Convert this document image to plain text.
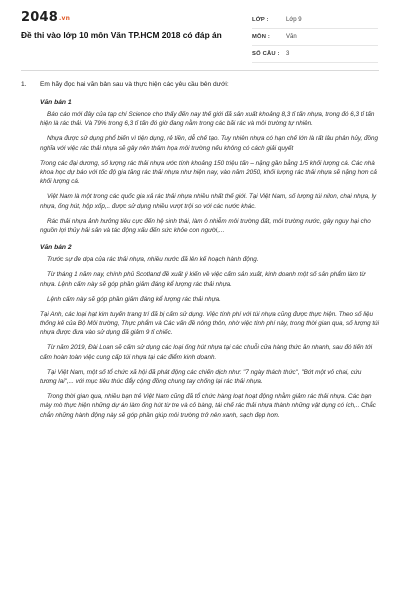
2048.vn
Đề thi vào lớp 10 môn Văn TP.HCM 2018 có đáp án
LỚP :	Lớp 9
MÔN :	Văn
SỐ CÂU :	3
1.	Em hãy đọc hai văn bản sau và thực hiện các yêu cầu bên dưới:
Văn bản 1

Báo cáo mới đây của tạp chí Science cho thấy đến nay thế giới đã sản xuất khoảng 8,3 tỉ tấn nhựa, trong đó 6,3 tỉ tấn hiện là rác thải. Và 79% trong 6,3 tỉ tấn đó giờ đang nằm trong các bãi rác và môi trường tự nhiên.

Nhựa được sử dụng phổ biến vì tiện dụng, rẻ tiền, dễ chế tạo. Tuy nhiên nhựa có hạn chế lớn là rất lâu phân hủy, đồng nghĩa với việc rác thải nhựa sẽ gây nên thảm họa môi trường nếu không có cách giải quyết

Trong các đại dương, số lượng rác thải nhựa ước tính khoảng 150 triệu tấn – nặng gần bằng 1/5 khối lượng cá. Các nhà khoa học dự báo với tốc độ gia tăng rác thải nhựa như hiện nay, vào năm 2050, khối lượng rác thải nhựa sẽ nặng hơn cả khối lượng cá.

Việt Nam là một trong các quốc gia xả rác thải nhựa nhiều nhất thế giới. Tại Việt Nam, số lượng túi nilon, chai nhựa, ly nhựa, ống hút, hộp xốp,.. được sử dụng nhiều vượt trội so với các nước khác.

Rác thải nhựa ảnh hưởng tiêu cực đến hệ sinh thái, làm ô nhiễm môi trường đất, môi trường nước, gây nguy hại cho nguồn lợi thủy hải sản và tác động xấu đến sức khỏe con người,...

Văn bản 2

Trước sự đe dọa của rác thải nhựa, nhiều nước đã lên kế hoạch hành động.

Từ tháng 1 năm nay, chính phủ Scotland đề xuất ý kiến về việc cấm sản xuất, kinh doanh một số sản phẩm làm từ nhựa. Lệnh cấm này sẽ góp phần giảm đáng kể lượng rác thải nhựa.

Lệnh cấm này sẽ góp phần giảm đáng kể lượng rác thải nhựa.

Tại Anh, các loại hạt kim tuyến trang trí đã bị cấm sử dụng. Việc tính phí với túi nhựa cũng được thực hiện. Theo số liệu thống kê của Bộ Môi trường, Thực phẩm và Các vấn đề nông thôn, nhờ việc tính phí này, trong thời gian qua, số lượng túi nhựa được đưa vào sử dụng đã giảm 9 tỉ chiếc.

Từ năm 2019, Đài Loan sẽ cấm sử dụng các loại ống hút nhựa tại các chuỗi cửa hàng thức ăn nhanh, sau đó tiến tới cấm hoàn toàn việc cung cấp túi nhựa tại các điểm kinh doanh.

Tại Việt Nam, một số tổ chức xã hội đã phát động các chiến dịch như: "7 ngày thách thức", "Bớt một vỏ chai, cứu tương lai",... với mục tiêu thúc đẩy cộng đồng chung tay chống lại rác thải nhựa.

Trong thời gian qua, nhiều bạn trẻ Việt Nam cũng đã tổ chức hàng loạt hoạt động nhằm giảm rác thải nhựa. Các bạn mày mò thực hiện những dự án làm ống hút từ tre và cỏ bàng, tái chế rác thải nhựa thành những vật dụng có ích,.. Chắc chắn những hành động này sẽ góp phần giúp môi trường trở nên xanh, sạch đẹp hơn.
